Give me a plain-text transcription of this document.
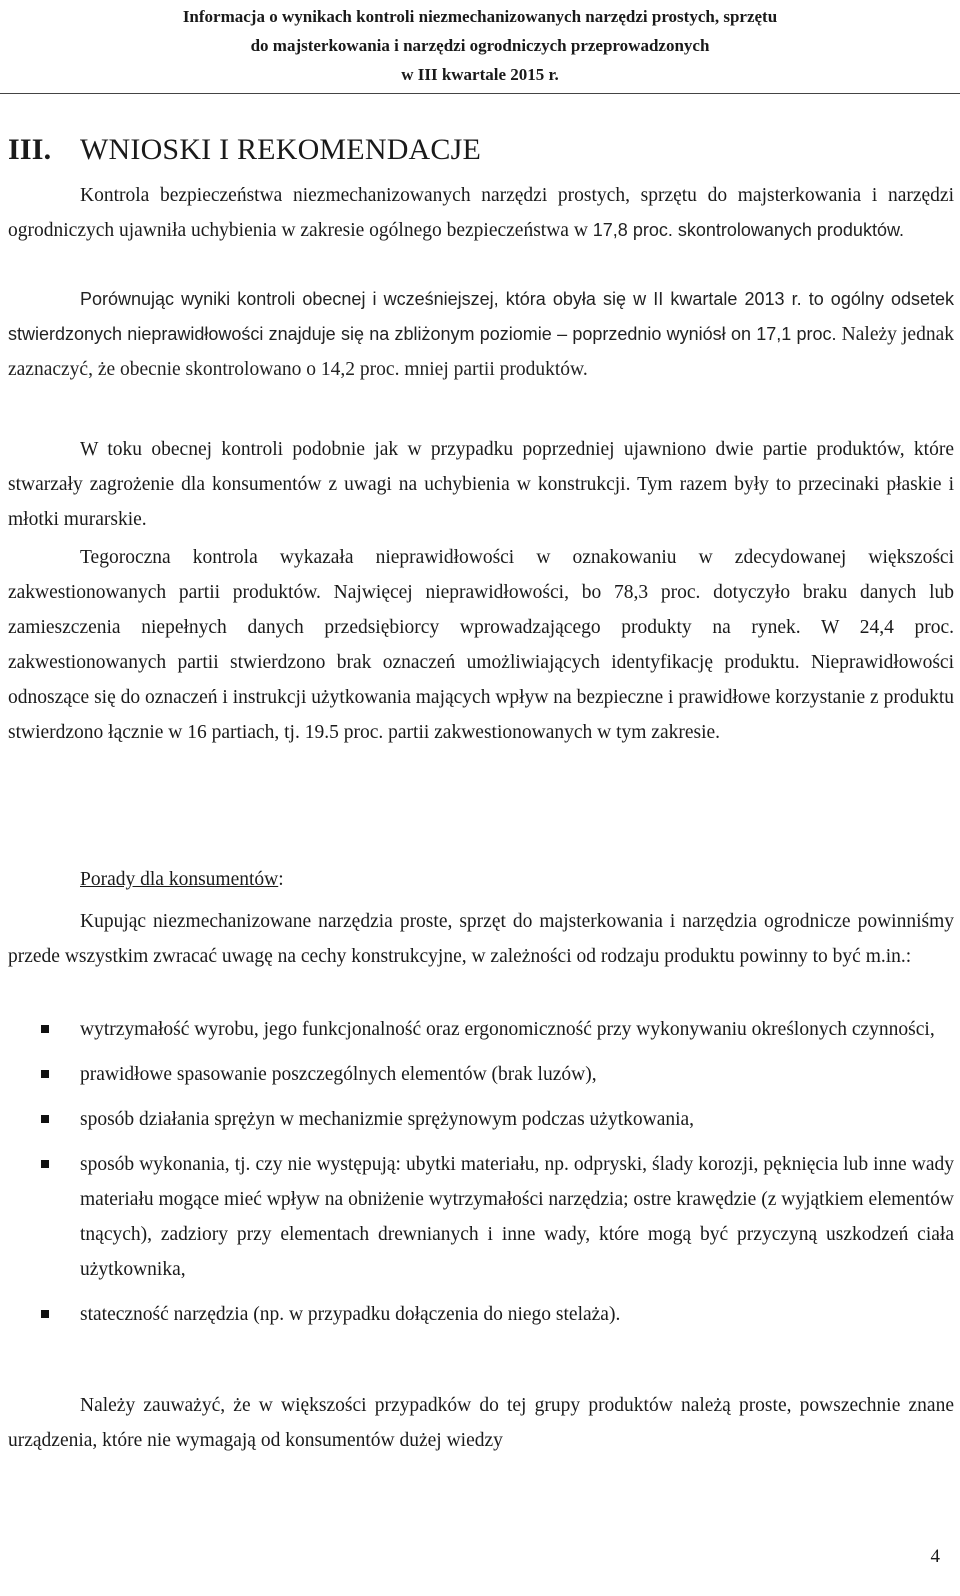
Informacja o wynikach kontroli niezmechanizowanych narzędzi prostych, sprzętu
do majsterkowania i narzędzi ogrodniczych przeprowadzonych
w III kwartale 2015 r.
III. WNIOSKI I REKOMENDACJE

Kontrola bezpieczeństwa niezmechanizowanych narzędzi prostych, sprzętu do majsterkowania i narzędzi ogrodniczych ujawniła uchybienia w zakresie ogólnego bezpieczeństwa w 17,8 proc. skontrolowanych produktów.

Porównując wyniki kontroli obecnej i wcześniejszej, która obyła się w II kwartale 2013 r. to ogólny odsetek stwierdzonych nieprawidłowości znajduje się na zbliżonym poziomie – poprzednio wyniósł on 17,1 proc. Należy jednak zaznaczyć, że obecnie skontrolowano o 14,2 proc. mniej partii produktów.

W toku obecnej kontroli podobnie jak w przypadku poprzedniej ujawniono dwie partie produktów, które stwarzały zagrożenie dla konsumentów z uwagi na uchybienia w konstrukcji. Tym razem były to przecinaki płaskie i młotki murarskie.

Tegoroczna kontrola wykazała nieprawidłowości w oznakowaniu w zdecydowanej większości zakwestionowanych partii produktów. Najwięcej nieprawidłowości, bo 78,3 proc. dotyczyło braku danych lub zamieszczenia niepełnych danych przedsiębiorcy wprowadzającego produkty na rynek. W 24,4 proc. zakwestionowanych partii stwierdzono brak oznaczeń umożliwiających identyfikację produktu. Nieprawidłowości odnoszące się do oznaczeń i instrukcji użytkowania mających wpływ na bezpieczne i prawidłowe korzystanie z produktu stwierdzono łącznie w 16 partiach, tj. 19.5 proc. partii zakwestionowanych w tym zakresie.

Porady dla konsumentów:

Kupując niezmechanizowane narzędzia proste, sprzęt do majsterkowania i narzędzia ogrodnicze powinniśmy przede wszystkim zwracać uwagę na cechy konstrukcyjne, w zależności od rodzaju produktu powinny to być m.in.:

wytrzymałość wyrobu, jego funkcjonalność oraz ergonomiczność przy wykonywaniu określonych czynności,
prawidłowe spasowanie poszczególnych elementów (brak luzów),
sposób działania sprężyn w mechanizmie sprężynowym podczas użytkowania,
sposób wykonania, tj. czy nie występują: ubytki materiału, np. odpryski, ślady korozji, pęknięcia lub inne wady materiału mogące mieć wpływ na obniżenie wytrzymałości narzędzia; ostre krawędzie (z wyjątkiem elementów tnących), zadziory przy elementach drewnianych i inne wady, które mogą być przyczyną uszkodzeń ciała użytkownika,
stateczność narzędzia (np. w przypadku dołączenia do niego stelaża).

Należy zauważyć, że w większości przypadków do tej grupy produktów należą proste, powszechnie znane urządzenia, które nie wymagają od konsumentów dużej wiedzy

4
